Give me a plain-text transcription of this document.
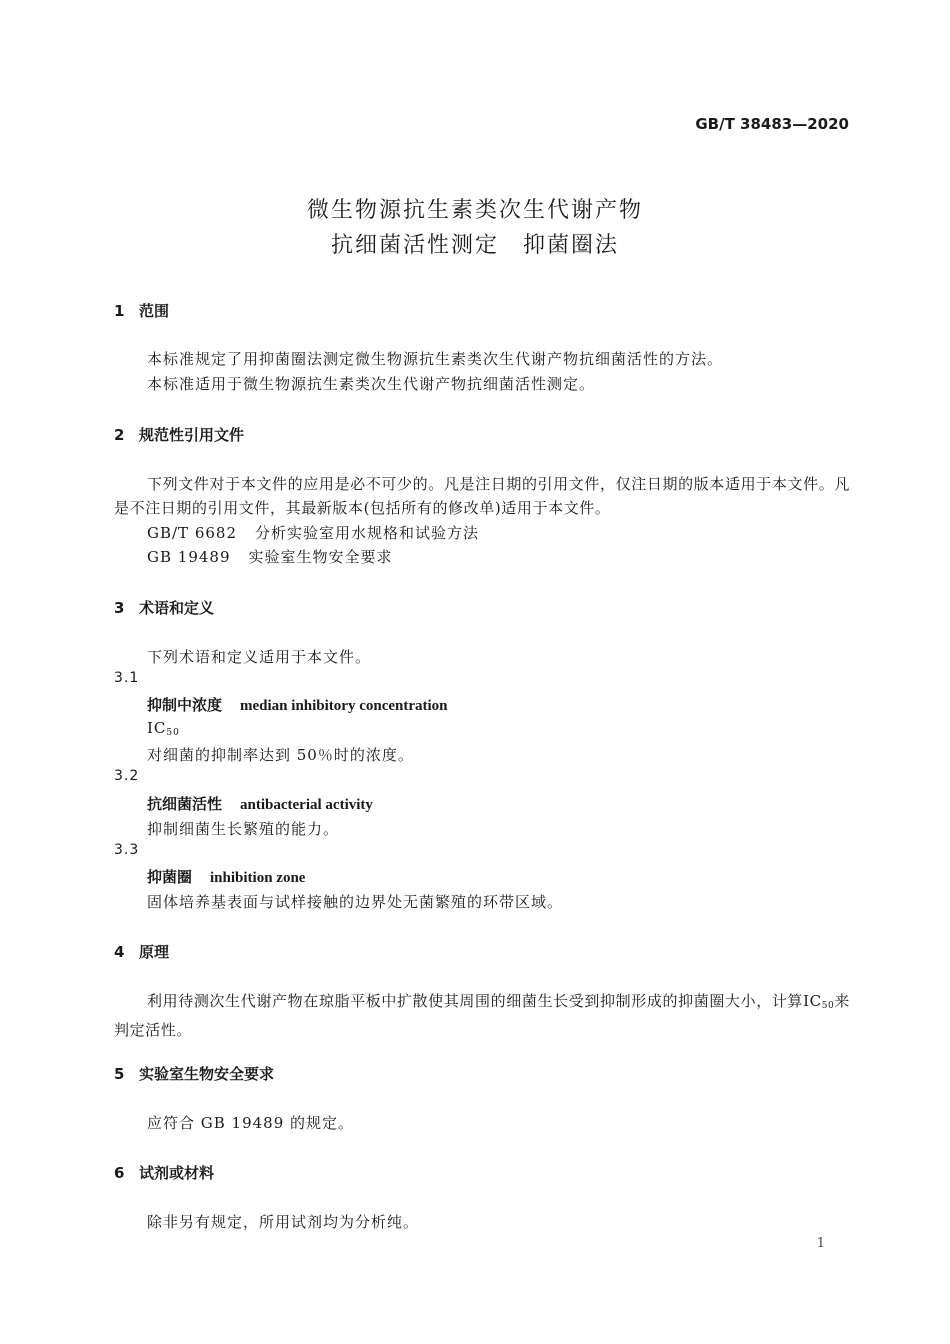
GB/T 38483—2020
微生物源抗生素类次生代谢产物
抗细菌活性测定　抑菌圈法
1 范围
本标准规定了用抑菌圈法测定微生物源抗生素类次生代谢产物抗细菌活性的方法。
本标准适用于微生物源抗生素类次生代谢产物抗细菌活性测定。
2 规范性引用文件
下列文件对于本文件的应用是必不可少的。凡是注日期的引用文件，仅注日期的版本适用于本文件。凡是不注日期的引用文件，其最新版本(包括所有的修改单)适用于本文件。
GB/T 6682 分析实验室用水规格和试验方法
GB 19489 实验室生物安全要求
3 术语和定义
下列术语和定义适用于本文件。
3.1
抑制中浓度 median inhibitory concentration
$IC_{50}$
对细菌的抑制率达到 50％时的浓度。
3.2
抗细菌活性 antibacterial activity
抑制细菌生长繁殖的能力。
3.3
抑菌圈 inhibition zone
固体培养基表面与试样接触的边界处无菌繁殖的环带区域。
4 原理
利用待测次生代谢产物在琼脂平板中扩散使其周围的细菌生长受到抑制形成的抑菌圈大小，计算$IC_{50}$来判定活性。
5 实验室生物安全要求
应符合 GB 19489 的规定。
6 试剂或材料
除非另有规定，所用试剂均为分析纯。
1
